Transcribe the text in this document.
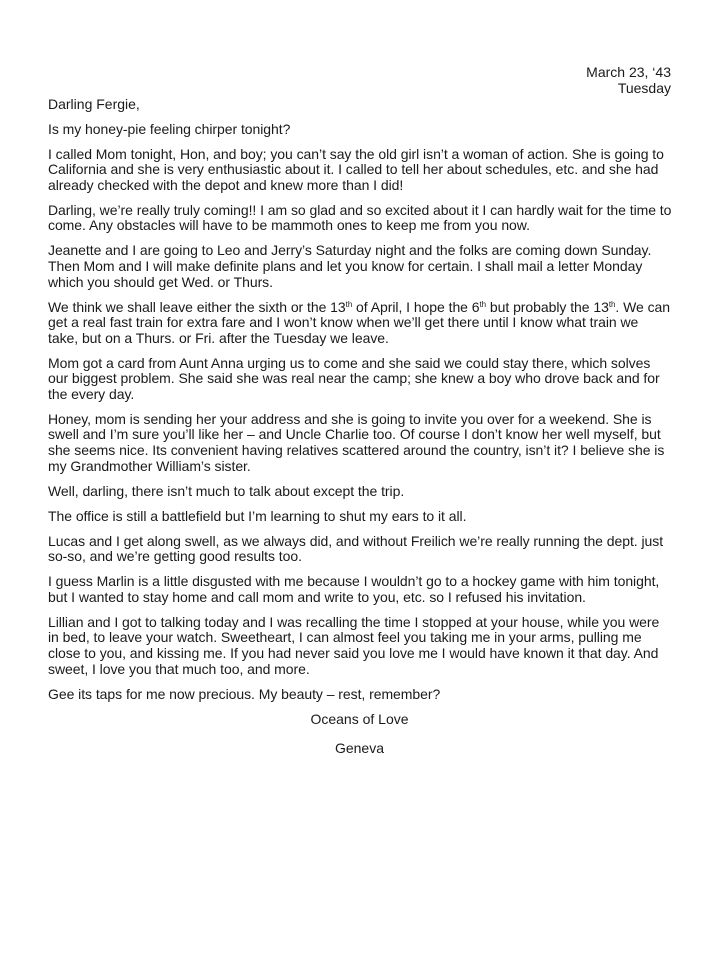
March 23, ‘43
Tuesday
Darling Fergie,

Is my honey-pie feeling chirper tonight?

I called Mom tonight, Hon, and boy; you can’t say the old girl isn’t a woman of action. She is going to California and she is very enthusiastic about it. I called to tell her about schedules, etc. and she had already checked with the depot and knew more than I did!

Darling, we’re really truly coming!! I am so glad and so excited about it I can hardly wait for the time to come. Any obstacles will have to be mammoth ones to keep me from you now.

Jeanette and I are going to Leo and Jerry’s Saturday night and the folks are coming down Sunday. Then Mom and I will make definite plans and let you know for certain. I shall mail a letter Monday which you should get Wed. or Thurs.

We think we shall leave either the sixth or the 13th of April, I hope the 6th but probably the 13th. We can get a real fast train for extra fare and I won’t know when we’ll get there until I know what train we take, but on a Thurs. or Fri. after the Tuesday we leave.

Mom got a card from Aunt Anna urging us to come and she said we could stay there, which solves our biggest problem. She said she was real near the camp; she knew a boy who drove back and for the every day.

Honey, mom is sending her your address and she is going to invite you over for a weekend. She is swell and I’m sure you’ll like her – and Uncle Charlie too. Of course I don’t know her well myself, but she seems nice. Its convenient having relatives scattered around the country, isn’t it? I believe she is my Grandmother William’s sister.

Well, darling, there isn’t much to talk about except the trip.

The office is still a battlefield but I’m learning to shut my ears to it all.

Lucas and I get along swell, as we always did, and without Freilich we’re really running the dept. just so-so, and we’re getting good results too.

I guess Marlin is a little disgusted with me because I wouldn’t go to a hockey game with him tonight, but I wanted to stay home and call mom and write to you, etc. so I refused his invitation.

Lillian and I got to talking today and I was recalling the time I stopped at your house, while you were in bed, to leave your watch. Sweetheart, I can almost feel you taking me in your arms, pulling me close to you, and kissing me. If you had never said you love me I would have known it that day. And sweet, I love you that much too, and more.

Gee its taps for me now precious. My beauty – rest, remember?

Oceans of Love
Geneva
